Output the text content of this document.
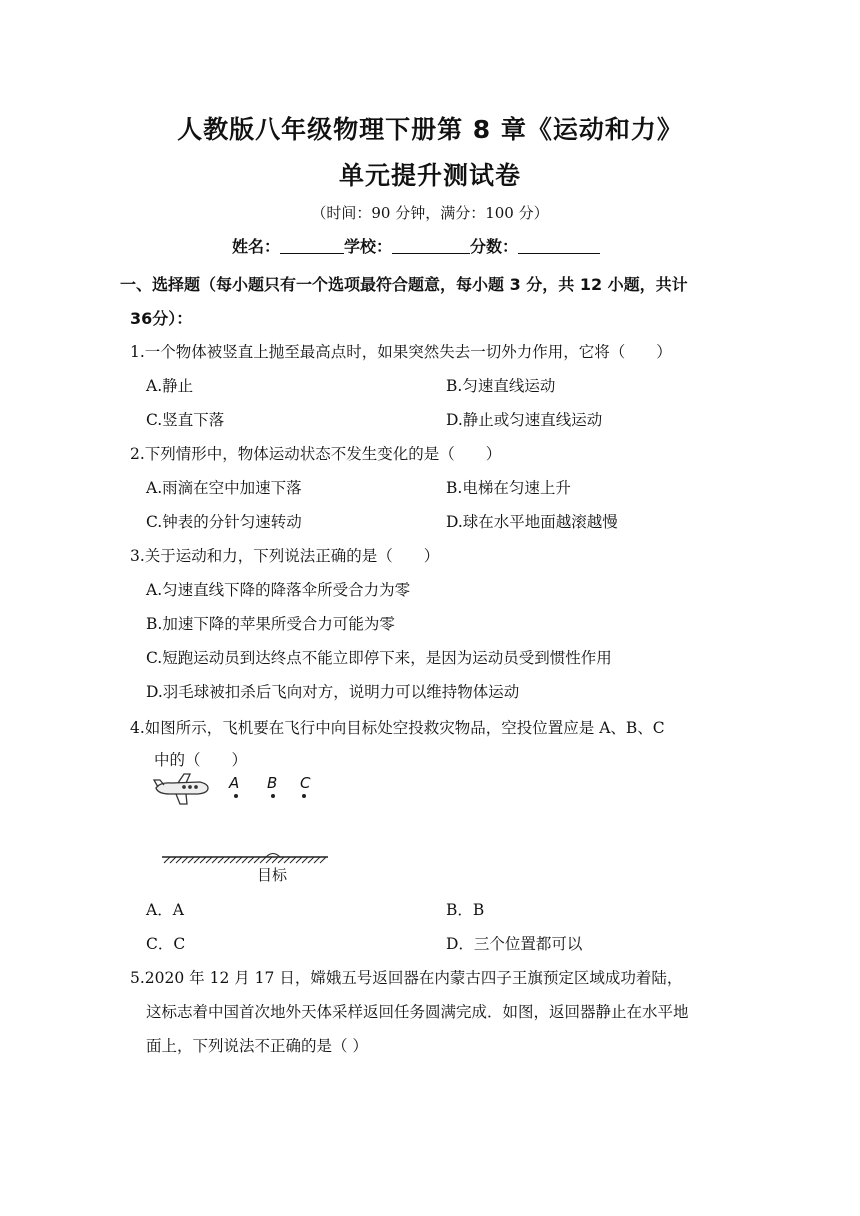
人教版八年级物理下册第 8 章《运动和力》
单元提升测试卷
（时间：90 分钟，满分：100 分）
姓名：	学校：	分数：
一、选择题（每小题只有一个选项最符合题意，每小题 3 分，共 12 小题，共计
36分）：
1.一个物体被竖直上抛至最高点时，如果突然失去一切外力作用，它将（　　）
A.静止	B.匀速直线运动
C.竖直下落	D.静止或匀速直线运动
2.下列情形中，物体运动状态不发生变化的是（　　）
A.雨滴在空中加速下落	B.电梯在匀速上升
C.钟表的分针匀速转动	D.球在水平地面越滚越慢
3.关于运动和力，下列说法正确的是（　　）
A.匀速直线下降的降落伞所受合力为零
B.加速下降的苹果所受合力可能为零
C.短跑运动员到达终点不能立即停下来，是因为运动员受到惯性作用
D.羽毛球被扣杀后飞向对方，说明力可以维持物体运动
4.如图所示，飞机要在飞行中向目标处空投救灾物品，空投位置应是 A、B、C
中的（　　）
A B C
目标
A．A	B．B
C．C	D．三个位置都可以
5.2020 年 12 月 17 日，嫦娥五号返回器在内蒙古四子王旗预定区域成功着陆，
这标志着中国首次地外天体采样返回任务圆满完成．如图，返回器静止在水平地
面上，下列说法不正确的是（ ）
